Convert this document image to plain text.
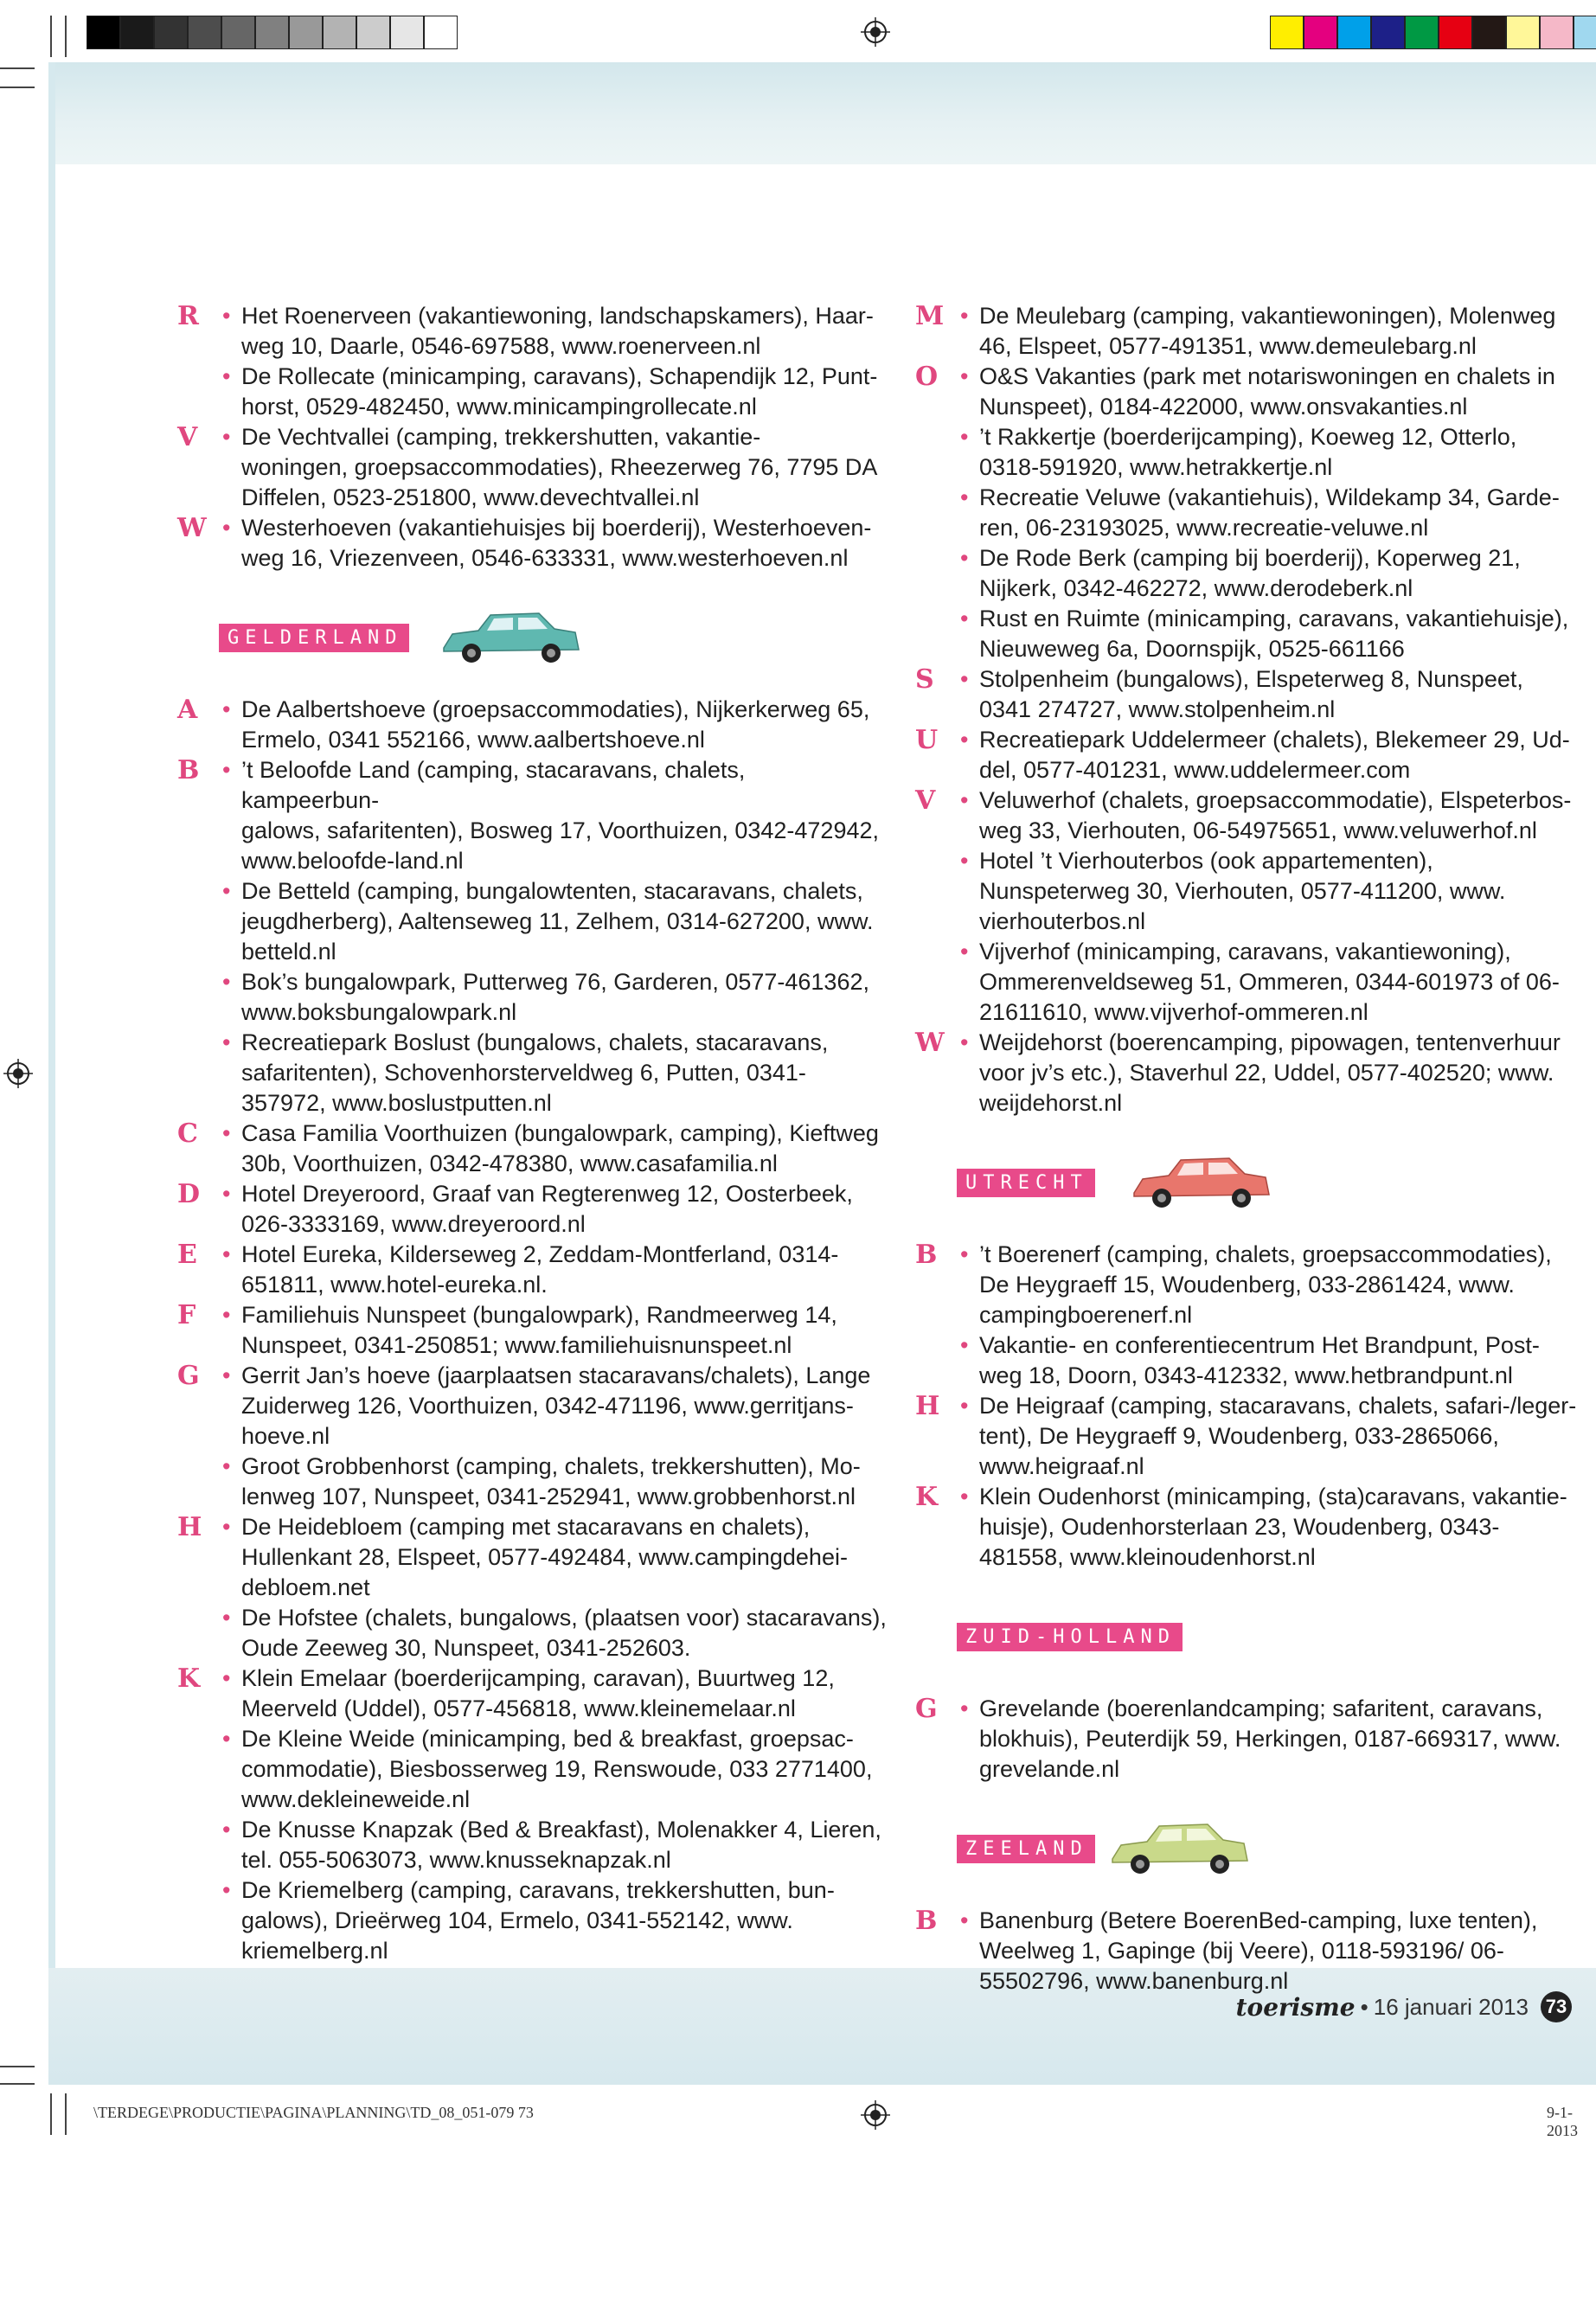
R • Het Roenerveen (vakantiewoning, landschapskamers), Haar-
weg 10, Daarle, 0546-697588, www.roenerveen.nl
• De Rollecate (minicamping, caravans), Schapendijk 12, Punt-
horst, 0529-482450, www.minicampingrollecate.nl
V • De Vechtvallei (camping, trekkershutten, vakantie-
woningen, groepsaccommodaties), Rheezerweg 76, 7795 DA
Diffelen, 0523-251800, www.devechtvallei.nl
W • Westerhoeven (vakantiehuisjes bij boerderij), Westerhoeven-
weg 16, Vriezenveen, 0546-633331, www.westerhoeven.nl
GELDERLAND
A • De Aalbertshoeve (groepsaccommodaties), Nijkerkerweg 65,
Ermelo, 0341 552166, www.aalbertshoeve.nl
B • ’t Beloofde Land (camping, stacaravans, chalets, kampeerbun-
galows, safaritenten), Bosweg 17, Voorthuizen, 0342-472942,
www.beloofde-land.nl
• De Betteld (camping, bungalowtenten, stacaravans, chalets,
jeugdherberg), Aaltenseweg 11, Zelhem, 0314-627200, www.
betteld.nl
• Bok’s bungalowpark, Putterweg 76, Garderen, 0577-461362,
www.boksbungalowpark.nl
• Recreatiepark Boslust (bungalows, chalets, stacaravans,
safaritenten), Schovenhorsterveldweg 6, Putten, 0341-
357972, www.boslustputten.nl
C • Casa Familia Voorthuizen (bungalowpark, camping), Kieftweg
30b, Voorthuizen, 0342-478380, www.casafamilia.nl
D • Hotel Dreyeroord, Graaf van Regterenweg 12, Oosterbeek,
026-3333169, www.dreyeroord.nl
E • Hotel Eureka, Kilderseweg 2, Zeddam-Montferland, 0314-
651811, www.hotel-eureka.nl.
F • Familiehuis Nunspeet (bungalowpark), Randmeerweg 14,
Nunspeet, 0341-250851; www.familiehuisnunspeet.nl
G • Gerrit Jan’s hoeve (jaarplaatsen stacaravans/chalets), Lange
Zuiderweg 126, Voorthuizen, 0342-471196, www.gerritjans-
hoeve.nl
• Groot Grobbenhorst (camping, chalets, trekkershutten), Mo-
lenweg 107, Nunspeet, 0341-252941, www.grobbenhorst.nl
H • De Heidebloem (camping met stacaravans en chalets),
Hullenkant 28, Elspeet, 0577-492484, www.campingdehei-
debloem.net
• De Hofstee (chalets, bungalows, (plaatsen voor) stacaravans),
Oude Zeeweg 30, Nunspeet, 0341-252603.
K • Klein Emelaar (boerderijcamping, caravan), Buurtweg 12,
Meerveld (Uddel), 0577-456818, www.kleinemelaar.nl
• De Kleine Weide (minicamping, bed & breakfast, groepsac-
commodatie), Biesbosserweg 19, Renswoude, 033 2771400,
www.dekleineweide.nl
• De Knusse Knapzak (Bed & Breakfast), Molenakker 4, Lieren,
tel. 055-5063073, www.knusseknapzak.nl
• De Kriemelberg (camping, caravans, trekkershutten, bun-
galows), Drieërweg 104, Ermelo, 0341-552142, www.
kriemelberg.nl
M • De Meulebarg (camping, vakantiewoningen), Molenweg
46, Elspeet, 0577-491351, www.demeulebarg.nl
O • O&S Vakanties (park met notariswoningen en chalets in
Nunspeet), 0184-422000, www.onsvakanties.nl
• ’t Rakkertje (boerderijcamping), Koeweg 12, Otterlo,
0318-591920, www.hetrakkertje.nl
• Recreatie Veluwe (vakantiehuis), Wildekamp 34, Garde-
ren, 06-23193025, www.recreatie-veluwe.nl
• De Rode Berk (camping bij boerderij), Koperweg 21,
Nijkerk, 0342-462272, www.derodeberk.nl
• Rust en Ruimte (minicamping, caravans, vakantiehuisje),
Nieuweweg 6a, Doornspijk, 0525-661166
S • Stolpenheim (bungalows), Elspeterweg 8, Nunspeet,
0341 274727, www.stolpenheim.nl
U • Recreatiepark Uddelermeer (chalets), Blekemeer 29, Ud-
del, 0577-401231, www.uddelermeer.com
V • Veluwerhof (chalets, groepsaccommodatie), Elspeterbos-
weg 33, Vierhouten, 06-54975651, www.veluwerhof.nl
• Hotel ’t Vierhouterbos (ook appartementen),
Nunspeterweg 30, Vierhouten, 0577-411200, www.
vierhouterbos.nl
• Vijverhof (minicamping, caravans, vakantiewoning),
Ommerenveldseweg 51, Ommeren, 0344-601973 of 06-
21611610, www.vijverhof-ommeren.nl
W • Weijdehorst (boerencamping, pipowagen, tentenverhuur
voor jv’s etc.), Staverhul 22, Uddel, 0577-402520; www.
weijdehorst.nl
UTRECHT
B • ’t Boerenerf (camping, chalets, groepsaccommodaties),
De Heygraeff 15, Woudenberg, 033-2861424, www.
campingboerenerf.nl
• Vakantie- en conferentiecentrum Het Brandpunt, Post-
weg 18, Doorn, 0343-412332, www.hetbrandpunt.nl
H • De Heigraaf (camping, stacaravans, chalets, safari-/leger-
tent), De Heygraeff 9, Woudenberg, 033-2865066,
www.heigraaf.nl
K • Klein Oudenhorst (minicamping, (sta)caravans, vakantie-
huisje), Oudenhorsterlaan 23, Woudenberg, 0343-
481558, www.kleinoudenhorst.nl
ZUID-HOLLAND
G • Grevelande (boerenlandcamping; safaritent, caravans,
blokhuis), Peuterdijk 59, Herkingen, 0187-669317, www.
grevelande.nl
ZEELAND
B • Banenburg (Betere BoerenBed-camping, luxe tenten),
Weelweg 1, Gapinge (bij Veere), 0118-593196/ 06-
55502796, www.banenburg.nl
toerisme • 16 januari 2013 73
\TERDEGE\PRODUCTIE\PAGINA\PLANNING\TD_08_051-079 73	9-1-2013
